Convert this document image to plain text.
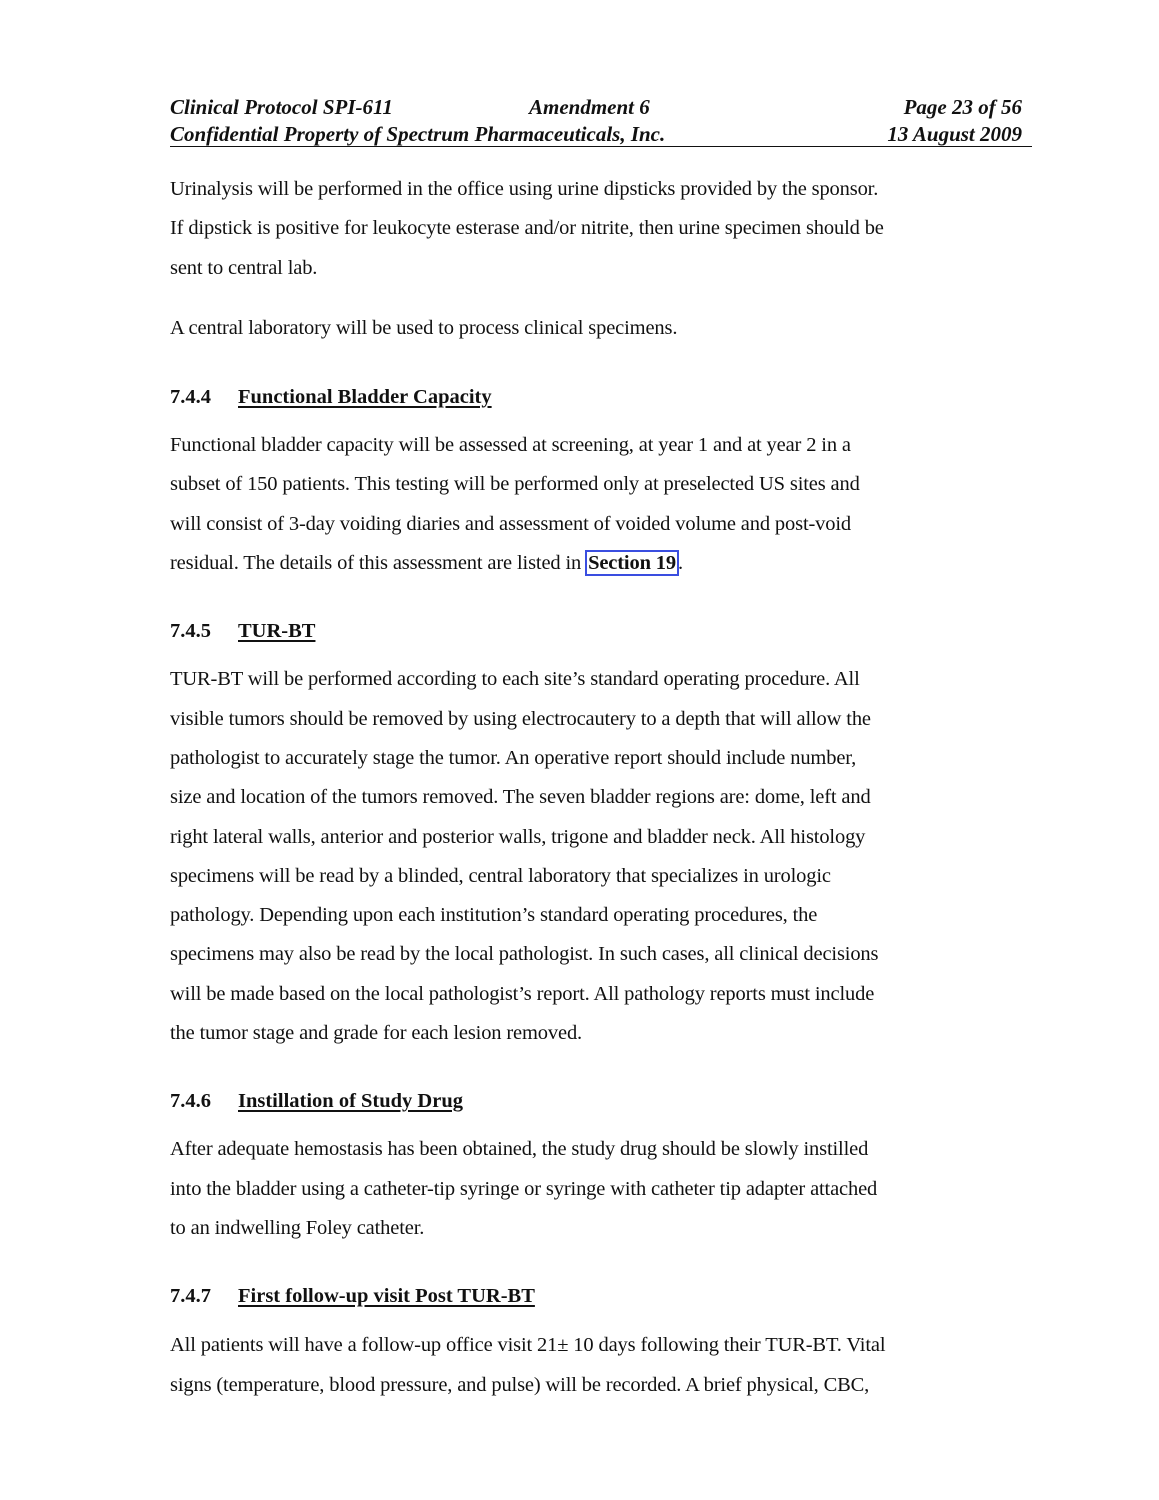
Clinical Protocol SPI-611	Amendment 6	Page 23 of 56
Confidential Property of Spectrum Pharmaceuticals, Inc.	13 August 2009

Urinalysis will be performed in the office using urine dipsticks provided by the sponsor.
If dipstick is positive for leukocyte esterase and/or nitrite, then urine specimen should be
sent to central lab.

A central laboratory will be used to process clinical specimens.

7.4.4 Functional Bladder Capacity

Functional bladder capacity will be assessed at screening, at year 1 and at year 2 in a
subset of 150 patients. This testing will be performed only at preselected US sites and
will consist of 3-day voiding diaries and assessment of voided volume and post-void
residual. The details of this assessment are listed in Section 19.

7.4.5 TUR-BT

TUR-BT will be performed according to each site’s standard operating procedure. All
visible tumors should be removed by using electrocautery to a depth that will allow the
pathologist to accurately stage the tumor. An operative report should include number,
size and location of the tumors removed. The seven bladder regions are: dome, left and
right lateral walls, anterior and posterior walls, trigone and bladder neck. All histology
specimens will be read by a blinded, central laboratory that specializes in urologic
pathology. Depending upon each institution’s standard operating procedures, the
specimens may also be read by the local pathologist. In such cases, all clinical decisions
will be made based on the local pathologist’s report. All pathology reports must include
the tumor stage and grade for each lesion removed.

7.4.6 Instillation of Study Drug

After adequate hemostasis has been obtained, the study drug should be slowly instilled
into the bladder using a catheter-tip syringe or syringe with catheter tip adapter attached
to an indwelling Foley catheter.

7.4.7 First follow-up visit Post TUR-BT

All patients will have a follow-up office visit 21± 10 days following their TUR-BT. Vital
signs (temperature, blood pressure, and pulse) will be recorded. A brief physical, CBC,
